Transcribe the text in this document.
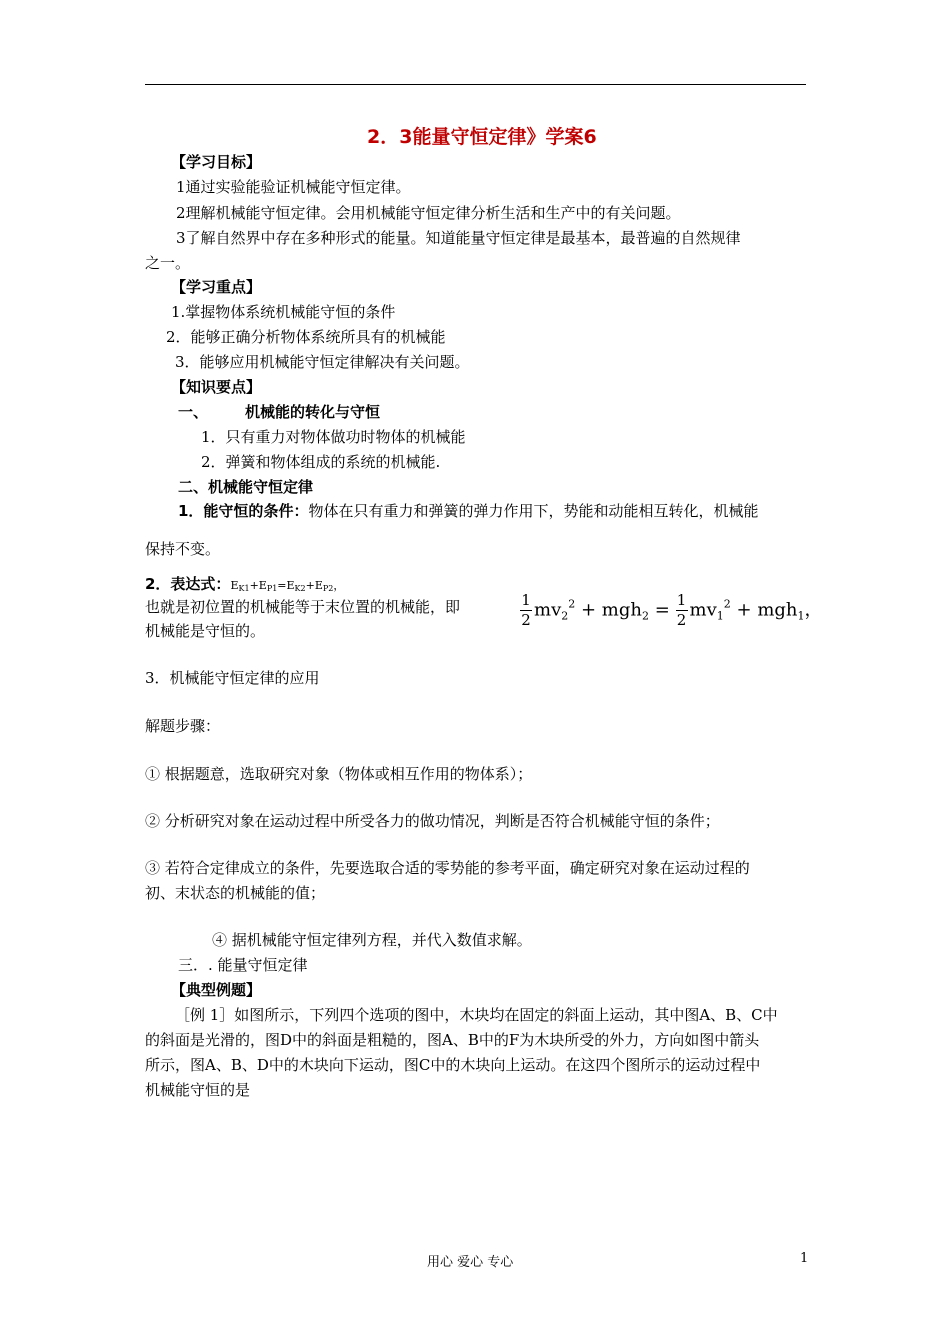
2．3能量守恒定律》学案6
【学习目标】
1通过实验能验证机械能守恒定律。
2理解机械能守恒定律。会用机械能守恒定律分析生活和生产中的有关问题。
3了解自然界中存在多种形式的能量。知道能量守恒定律是最基本，最普遍的自然规律
之一。
【学习重点】
1.掌握物体系统机械能守恒的条件
2．能够正确分析物体系统所具有的机械能
3．能够应用机械能守恒定律解决有关问题。
【知识要点】
一、 机械能的转化与守恒
1．只有重力对物体做功时物体的机械能
2．弹簧和物体组成的系统的机械能.
二、机械能守恒定律
1．能守恒的条件：物体在只有重力和弹簧的弹力作用下，势能和动能相互转化，机械能
保持不变。
2．表达式：$E_{K1}+E_{P1}=E_{K2}+E_{P2}$，
也就是初位置的机械能等于末位置的机械能，即
机械能是守恒的。
$\frac{1}{2} mv_2^2 + mgh_2 = \frac{1}{2} mv_1^2 + mgh_1$，
3．机械能守恒定律的应用
解题步骤：
① 根据题意，选取研究对象（物体或相互作用的物体系）；
② 分析研究对象在运动过程中所受各力的做功情况，判断是否符合机械能守恒的条件；
③ 若符合定律成立的条件，先要选取合适的零势能的参考平面，确定研究对象在运动过程的
初、末状态的机械能的值；
④ 据机械能守恒定律列方程，并代入数值求解。
三．. 能量守恒定律
【典型例题】
［例 1］如图所示，下列四个选项的图中，木块均在固定的斜面上运动，其中图A、B、C中
的斜面是光滑的，图D中的斜面是粗糙的，图A、B中的F为木块所受的外力，方向如图中箭头
所示，图A、B、D中的木块向下运动，图C中的木块向上运动。在这四个图所示的运动过程中
机械能守恒的是
用心 爱心 专心	1
